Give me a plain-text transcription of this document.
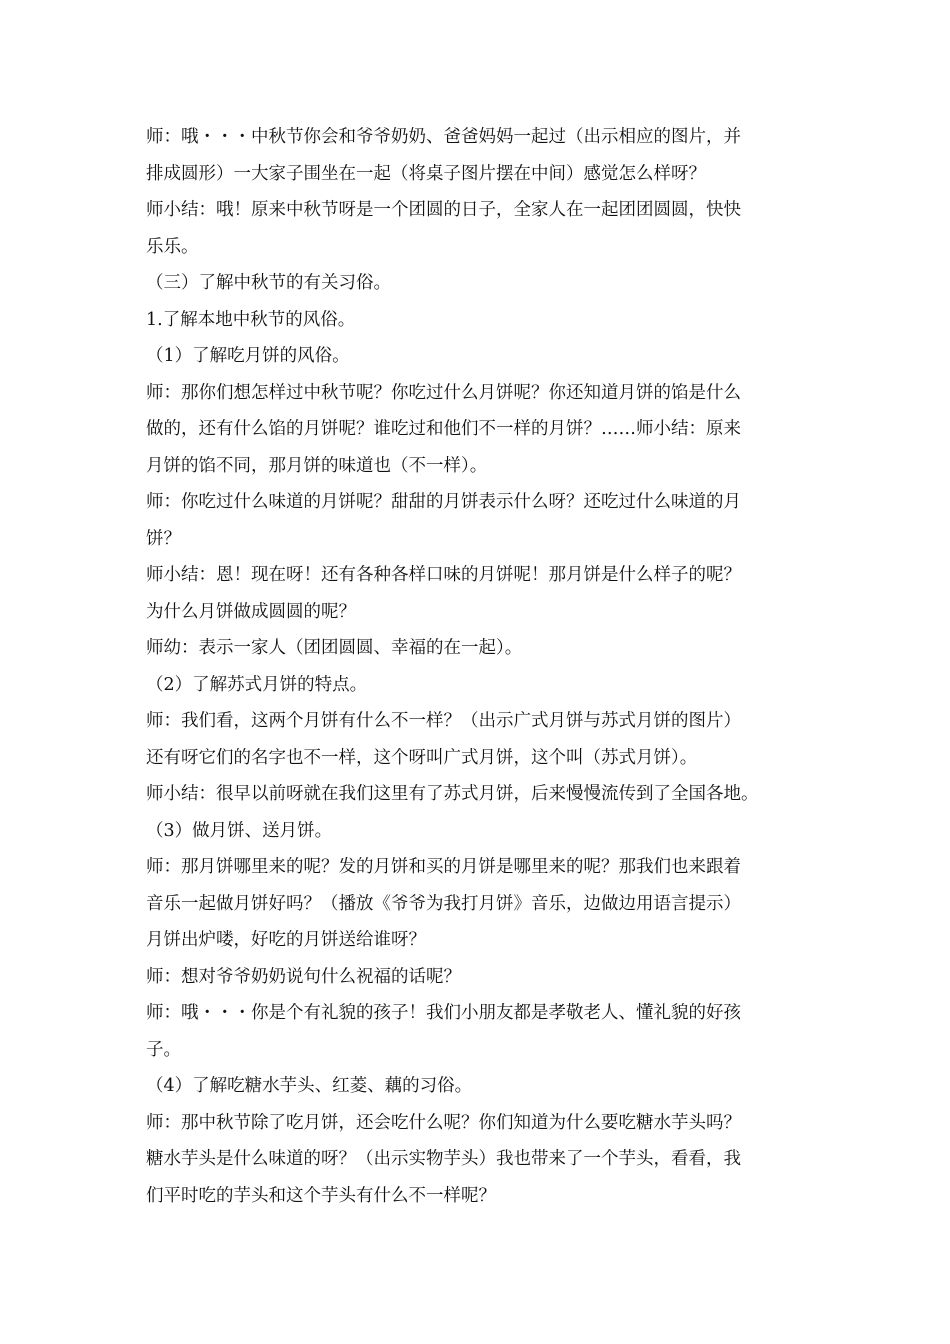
师：哦・・・中秋节你会和爷爷奶奶、爸爸妈妈一起过（出示相应的图片，并
排成圆形）一大家子围坐在一起（将桌子图片摆在中间）感觉怎么样呀？
师小结：哦！原来中秋节呀是一个团圆的日子，全家人在一起团团圆圆，快快
乐乐。
（三）了解中秋节的有关习俗。
1.了解本地中秋节的风俗。
（1）了解吃月饼的风俗。
师：那你们想怎样过中秋节呢？你吃过什么月饼呢？你还知道月饼的馅是什么
做的，还有什么馅的月饼呢？谁吃过和他们不一样的月饼？……师小结：原来
月饼的馅不同，那月饼的味道也（不一样）。
师：你吃过什么味道的月饼呢？甜甜的月饼表示什么呀？还吃过什么味道的月
饼？
师小结：恩！现在呀！还有各种各样口味的月饼呢！那月饼是什么样子的呢？
为什么月饼做成圆圆的呢？
师幼：表示一家人（团团圆圆、幸福的在一起）。
（2）了解苏式月饼的特点。
师：我们看，这两个月饼有什么不一样？（出示广式月饼与苏式月饼的图片）
还有呀它们的名字也不一样，这个呀叫广式月饼，这个叫（苏式月饼）。
师小结：很早以前呀就在我们这里有了苏式月饼，后来慢慢流传到了全国各地。
（3）做月饼、送月饼。
师：那月饼哪里来的呢？发的月饼和买的月饼是哪里来的呢？那我们也来跟着
音乐一起做月饼好吗？（播放《爷爷为我打月饼》音乐，边做边用语言提示）
月饼出炉喽，好吃的月饼送给谁呀？
师：想对爷爷奶奶说句什么祝福的话呢？
师：哦・・・你是个有礼貌的孩子！我们小朋友都是孝敬老人、懂礼貌的好孩
子。
（4）了解吃糖水芋头、红菱、藕的习俗。
师：那中秋节除了吃月饼，还会吃什么呢？你们知道为什么要吃糖水芋头吗？
糖水芋头是什么味道的呀？（出示实物芋头）我也带来了一个芋头，看看，我
们平时吃的芋头和这个芋头有什么不一样呢？
